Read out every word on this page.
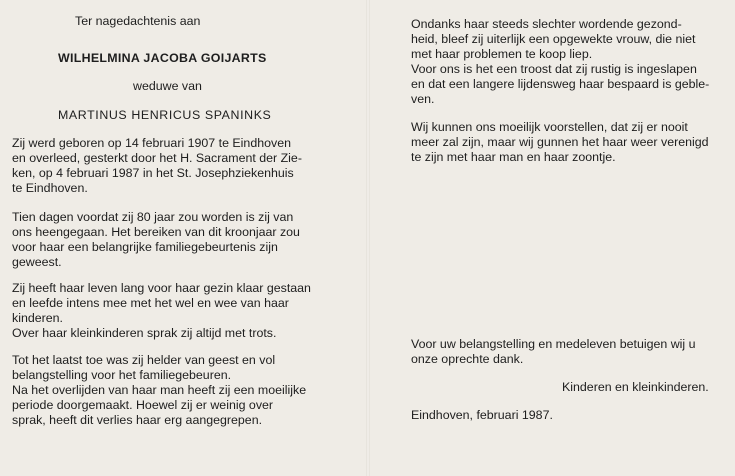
Ter nagedachtenis aan

WILHELMINA JACOBA GOIJARTS

weduwe van

MARTINUS HENRICUS SPANINKS

Zij werd geboren op 14 februari 1907 te Eindhoven

en overleed, gesterkt door het H. Sacrament der Zie-

ken, op 4 februari 1987 in het St. Josephziekenhuis

te Eindhoven.

Tien dagen voordat zij 80 jaar zou worden is zij van

ons heengegaan. Het bereiken van dit kroonjaar zou

voor haar een belangrijke familiegebeurtenis zijn

geweest.

Zij heeft haar leven lang voor haar gezin klaar gestaan

en leefde intens mee met het wel en wee van haar

kinderen.

Over haar kleinkinderen sprak zij altijd met trots.

Tot het laatst toe was zij helder van geest en vol

belangstelling voor het familiegebeuren.

Na het overlijden van haar man heeft zij een moeilijke

periode doorgemaakt. Hoewel zij er weinig over

sprak, heeft dit verlies haar erg aangegrepen.

Ondanks haar steeds slechter wordende gezond-

heid, bleef zij uiterlijk een opgewekte vrouw, die niet

met haar problemen te koop liep.

Voor ons is het een troost dat zij rustig is ingeslapen

en dat een langere lijdensweg haar bespaard is geble-

ven.

Wij kunnen ons moeilijk voorstellen, dat zij er nooit

meer zal zijn, maar wij gunnen het haar weer verenigd

te zijn met haar man en haar zoontje.

Voor uw belangstelling en medeleven betuigen wij u

onze oprechte dank.

Kinderen en kleinkinderen.

Eindhoven, februari 1987.
